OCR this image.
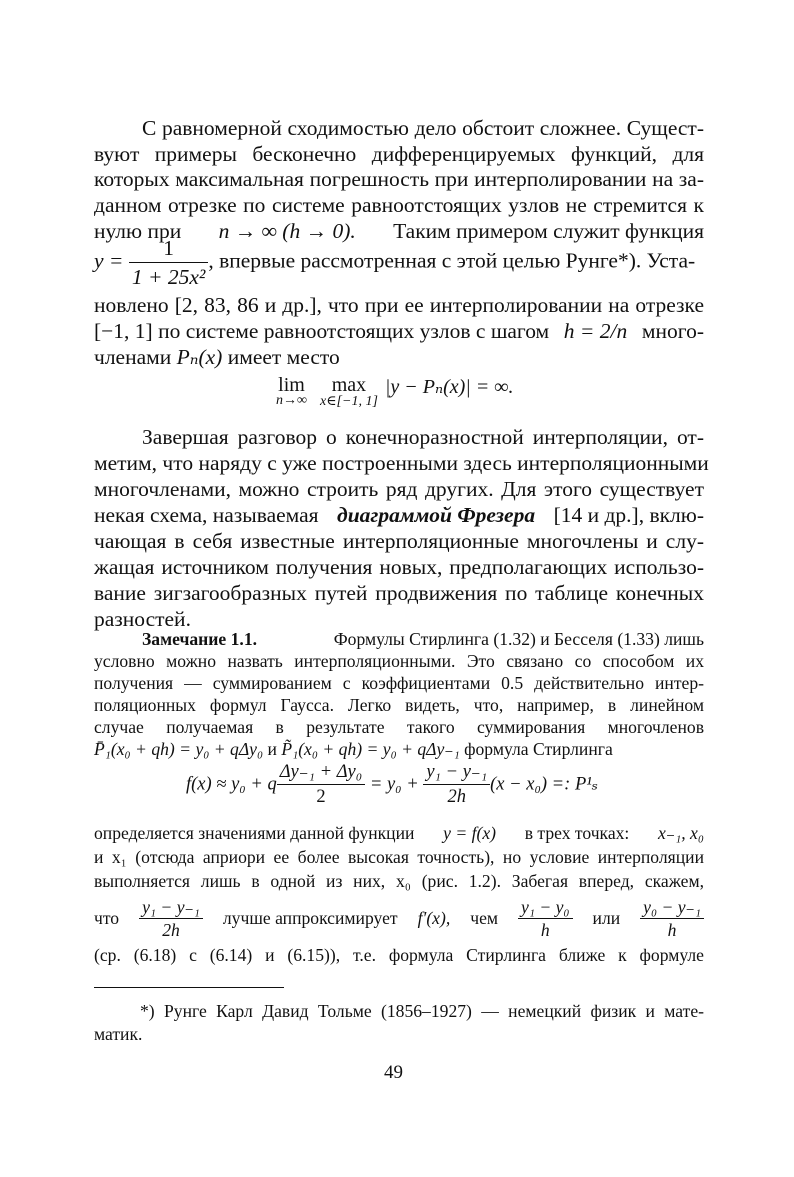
С равномерной сходимостью дело обстоит сложнее. Сущест-
вуют примеры бесконечно дифференцируемых функций, для
которых максимальная погрешность при интерполировании на за-
данном отрезке по системе равноотстоящих узлов не стремится к
нулю при n → ∞ (h → 0). Таким примером служит функция
$y = \frac{1}{\text{1 + 25x²}}$ , впервые рассмотренная с этой целью Рунге*). Уста-
новлено [2, 83, 86 и др.], что при ее интерполировании на отрезке
[−1, 1] по системе равноотстоящих узлов с шагом h = 2/n много-
членами Pₙ(x) имеет место
lim
n→∞

max
x∈[−1, 1]
|y − Pₙ(x)| = ∞.
Завершая разговор о конечноразностной интерполяции, от-
метим, что наряду с уже построенными здесь интерполяционными
многочленами, можно строить ряд других. Для этого существует
некая схема, называемая диаграммой Фрезера [14 и др.], вклю-
чающая в себя известные интерполяционные многочлены и слу-
жащая источником получения новых, предполагающих использо-
вание зигзагообразных путей продвижения по таблице конечных
разностей.
Замечание 1.1.	Формулы Стирлинга (1.32) и Бесселя (1.33) лишь
условно можно назвать интерполяционными. Это связано со способом их
получения — суммированием с коэффициентами 0.5 действительно интер-
поляционных формул Гаусса. Легко видеть, что, например, в линейном
случае получаемая в результате такого суммирования многочленов
P̄₁(x₀ + qh) = y₀ + qΔy₀ и P̃₁(x₀ + qh) = y₀ + qΔy₋₁ формула Стирлинга
f(x) ≈ y₀ + q $\frac{\text{Δy₋₁ + Δy₀}}{2} = y_0 + \frac{\text{y₁ − y₋₁}}{2h} (x - x_0)$ =: P¹ₛ
определяется значениями данной функции y = f(x) в трех точках: x₋₁, x₀
и x₁ (отсюда априори ее более высокая точность), но условие интерполяции
выполняется лишь в одной из них, x₀ (рис. 1.2). Забегая вперед, скажем,
что $\frac{\text{y₁ − y₋₁}}{2h}$ лучше аппроксимирует f′(x), чем $\frac{\text{y₁ − y₀}}{h}$ или $\frac{\text{y₀ − y₋₁}}{h}$
(ср. (6.18) с (6.14) и (6.15)), т.е. формула Стирлинга ближе к формуле
*) Рунге Карл Давид Тольме (1856–1927) — немецкий физик и мате-
матик.
49
